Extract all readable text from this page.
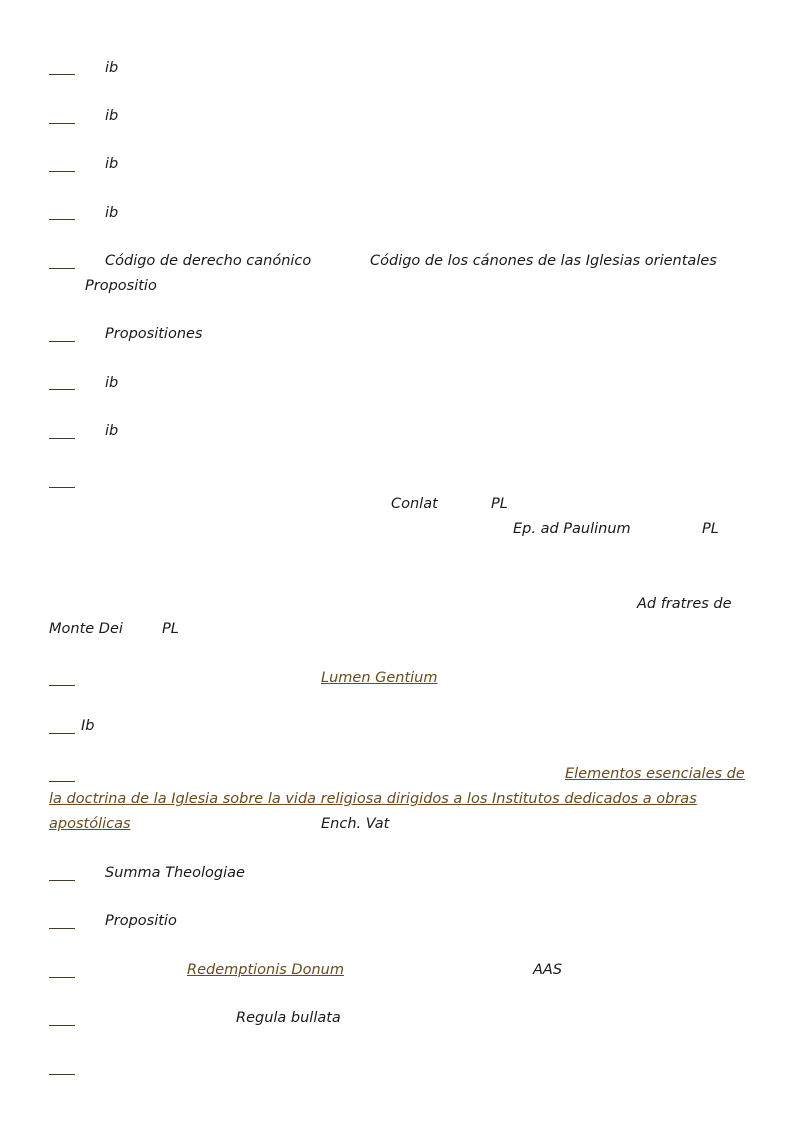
ib
ib
ib
ib
Código de derecho canónico	Código de los cánones de las Iglesias orientales
Propositio
Propositiones
ib
ib
Conlat	PL
Ep. ad Paulinum	PL
Ad fratres de
Monte Dei	PL
Lumen Gentium
Ib
Elementos esenciales de
la doctrina de la Iglesia sobre la vida religiosa dirigidos a los Institutos dedicados a obras
apostólicas	Ench. Vat
Summa Theologiae
Propositio
Redemptionis Donum	AAS
Regula bullata
